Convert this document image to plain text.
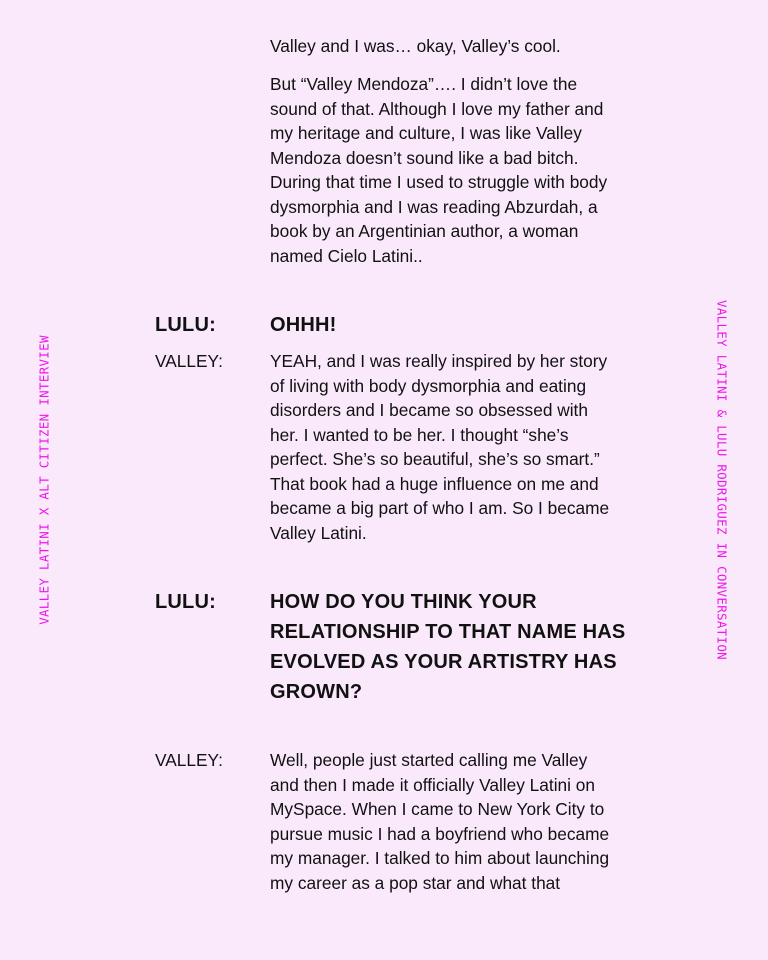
VALLEY LATINI X ALT CITIZEN INTERVIEW	VALLEY LATINI & LULU RODRIGUEZ IN CONVERSATION

Valley and I was… okay, Valley’s cool.

But “Valley Mendoza”…. I didn’t love the sound of that. Although I love my father and my heritage and culture, I was like Valley Mendoza doesn’t sound like a bad bitch. During that time I used to struggle with body dysmorphia and I was reading Abzurdah, a book by an Argentinian author, a woman named Cielo Latini..

LULU:	OHHH!

VALLEY:	YEAH, and I was really inspired by her story of living with body dysmorphia and eating disorders and I became so obsessed with her. I wanted to be her. I thought “she’s perfect. She’s so beautiful, she’s so smart.” That book had a huge influence on me and became a big part of who I am. So I became Valley Latini.

LULU:	HOW DO YOU THINK YOUR RELATIONSHIP TO THAT NAME HAS EVOLVED AS YOUR ARTISTRY HAS GROWN?

VALLEY:	Well, people just started calling me Valley and then I made it officially Valley Latini on MySpace. When I came to New York City to pursue music I had a boyfriend who became my manager. I talked to him about launching my career as a pop star and what that
